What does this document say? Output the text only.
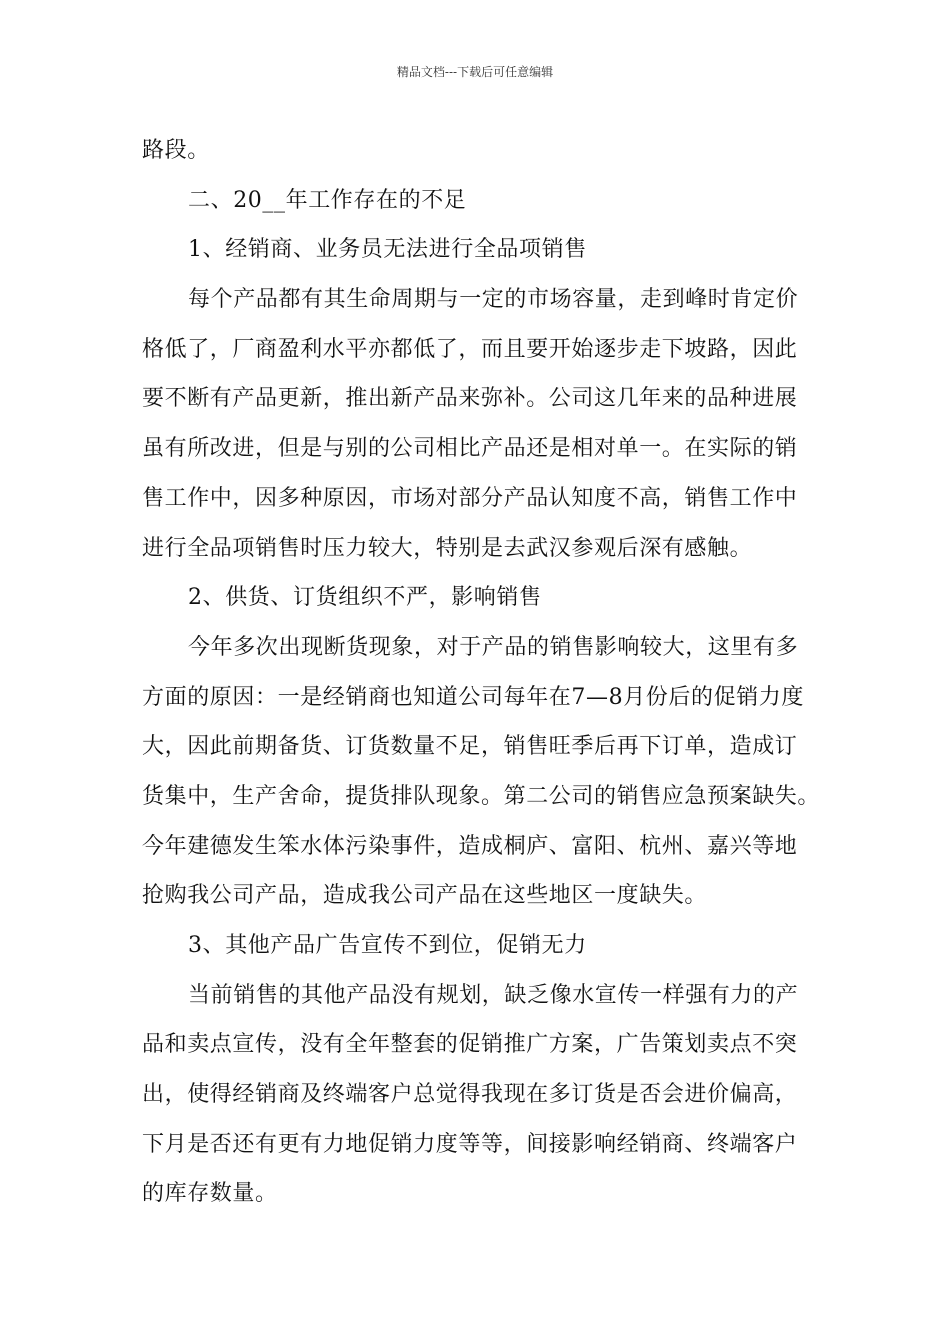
精品文档---下载后可任意编辑
路段。
二、20__年工作存在的不足
1、经销商、业务员无法进行全品项销售
每个产品都有其生命周期与一定的市场容量，走到峰时肯定价
格低了，厂商盈利水平亦都低了，而且要开始逐步走下坡路，因此
要不断有产品更新，推出新产品来弥补。公司这几年来的品种进展
虽有所改进，但是与别的公司相比产品还是相对单一。在实际的销
售工作中，因多种原因，市场对部分产品认知度不高，销售工作中
进行全品项销售时压力较大，特别是去武汉参观后深有感触。
2、供货、订货组织不严，影响销售
今年多次出现断货现象，对于产品的销售影响较大，这里有多
方面的原因：一是经销商也知道公司每年在7—8月份后的促销力度
大，因此前期备货、订货数量不足，销售旺季后再下订单，造成订
货集中，生产舍命，提货排队现象。第二公司的销售应急预案缺失。
今年建德发生笨水体污染事件，造成桐庐、富阳、杭州、嘉兴等地
抢购我公司产品，造成我公司产品在这些地区一度缺失。
3、其他产品广告宣传不到位，促销无力
当前销售的其他产品没有规划，缺乏像水宣传一样强有力的产
品和卖点宣传，没有全年整套的促销推广方案，广告策划卖点不突
出，使得经销商及终端客户总觉得我现在多订货是否会进价偏高，
下月是否还有更有力地促销力度等等，间接影响经销商、终端客户
的库存数量。
